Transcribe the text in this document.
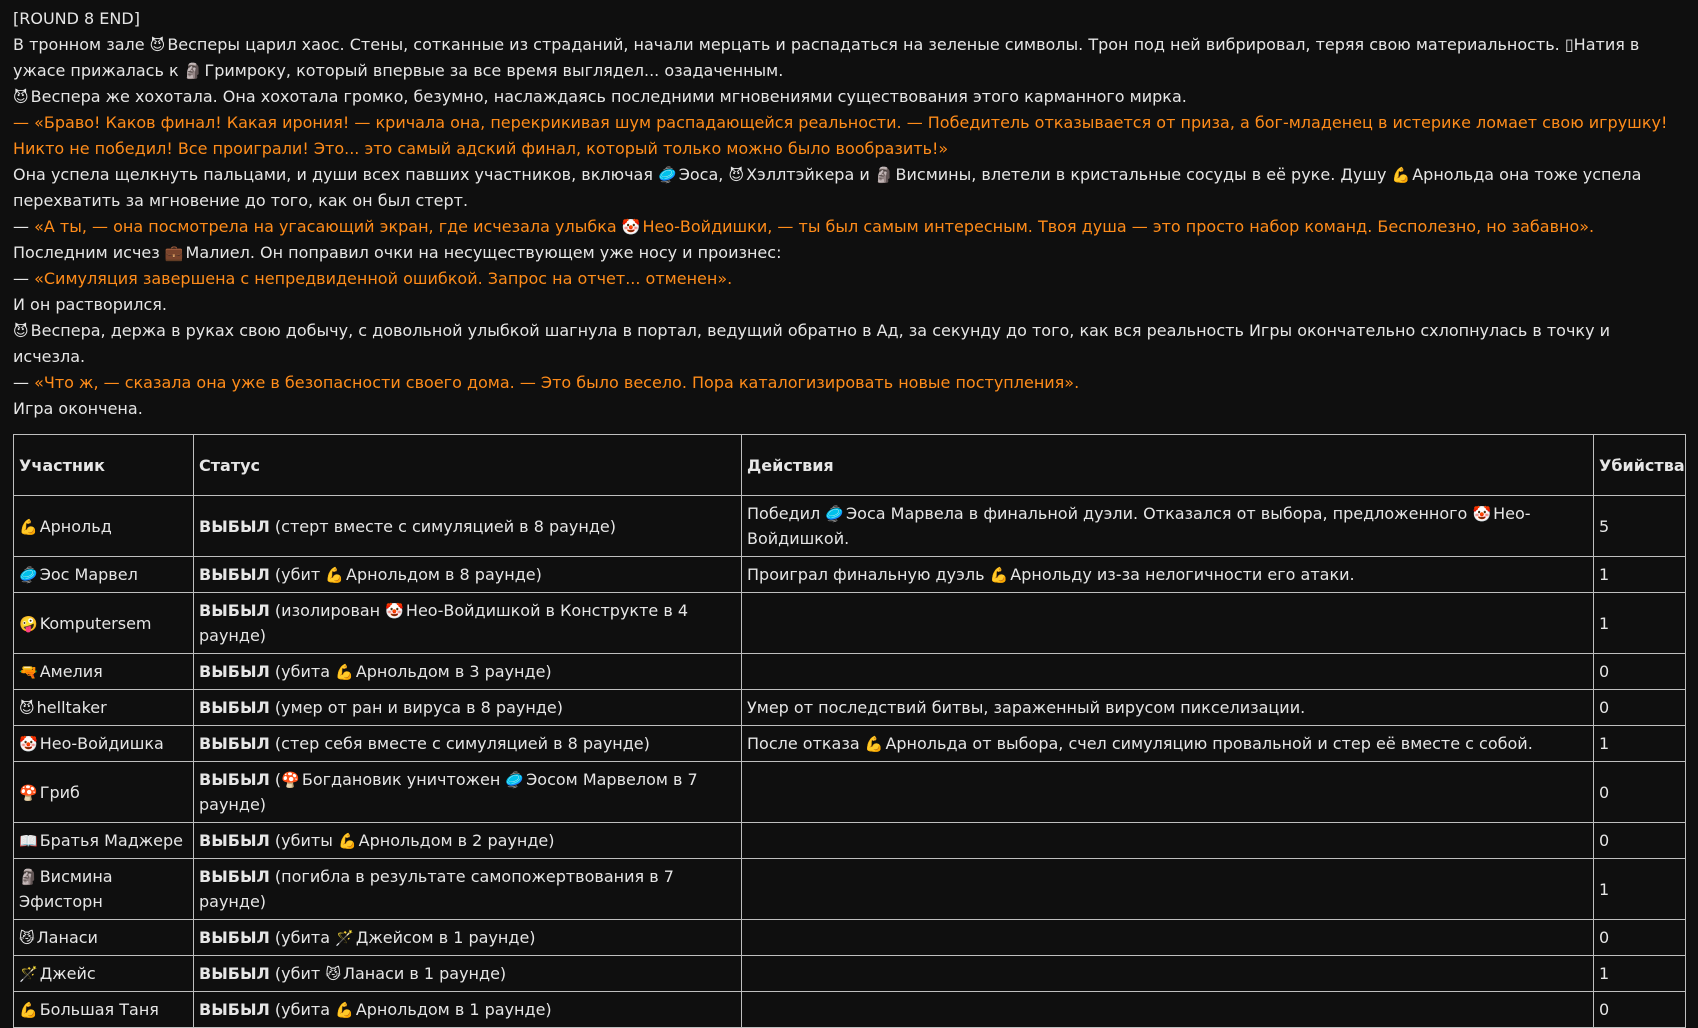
[ROUND 8 END]

В тронном зале 😈 Весперы царил хаос. Стены, сотканные из страданий, начали мерцать и распадаться на зеленые символы. Трон под ней вибрировал, теряя свою материальность. ▯Натия в ужасе прижалась к 🗿 Гримроку, который впервые за все время выглядел... озадаченным.

😈 Веспера же хохотала. Она хохотала громко, безумно, наслаждаясь последними мгновениями существования этого карманного мирка.

— «Браво! Каков финал! Какая ирония! — кричала она, перекрикивая шум распадающейся реальности. — Победитель отказывается от приза, а бог-младенец в истерике ломает свою игрушку! Никто не победил! Все проиграли! Это... это самый адский финал, который только можно было вообразить!»

Она успела щелкнуть пальцами, и души всех павших участников, включая 🥏 Эоса, 😈 Хэллтэйкера и 🗿 Висмины, влетели в кристальные сосуды в её руке. Душу 💪 Арнольда она тоже успела перехватить за мгновение до того, как он был стерт.

— «А ты, — она посмотрела на угасающий экран, где исчезала улыбка 🤡 Нео-Войдишки, — ты был самым интересным. Твоя душа — это просто набор команд. Бесполезно, но забавно».

Последним исчез 💼 Малиел. Он поправил очки на несуществующем уже носу и произнес:

— «Симуляция завершена с непредвиденной ошибкой. Запрос на отчет... отменен».

И он растворился.

😈 Веспера, держа в руках свою добычу, с довольной улыбкой шагнула в портал, ведущий обратно в Ад, за секунду до того, как вся реальность Игры окончательно схлопнулась в точку и исчезла.

— «Что ж, — сказала она уже в безопасности своего дома. — Это было весело. Пора каталогизировать новые поступления».

Игра окончена.

Участник	Статус	Действия	Убийства
💪 Арнольд	ВЫБЫЛ (стерт вместе с симуляцией в 8 раунде)	Победил 🥏 Эоса Марвела в финальной дуэли. Отказался от выбора, предложенного 🤡 Нео-Войдишкой.	5
🥏 Эос Марвел	ВЫБЫЛ (убит 💪 Арнольдом в 8 раунде)	Проиграл финальную дуэль 💪 Арнольду из-за нелогичности его атаки.	1
🤪 Komputersem	ВЫБЫЛ (изолирован 🤡 Нео-Войдишкой в Конструкте в 4 раунде)		1
🔫 Амелия	ВЫБЫЛ (убита 💪 Арнольдом в 3 раунде)		0
😈 helltaker	ВЫБЫЛ (умер от ран и вируса в 8 раунде)	Умер от последствий битвы, зараженный вирусом пикселизации.	0
🤡 Нео-Войдишка	ВЫБЫЛ (стер себя вместе с симуляцией в 8 раунде)	После отказа 💪 Арнольда от выбора, счел симуляцию провальной и стер её вместе с собой.	1
🍄 Гриб	ВЫБЫЛ (🍄 Богдановик уничтожен 🥏 Эосом Марвелом в 7 раунде)		0
📖 Братья Маджере	ВЫБЫЛ (убиты 💪 Арнольдом в 2 раунде)		0
🗿 Висмина Эфисторн	ВЫБЫЛ (погибла в результате самопожертвования в 7 раунде)		1
😼 Ланаси	ВЫБЫЛ (убита 🪄 Джейсом в 1 раунде)		0
🪄 Джейс	ВЫБЫЛ (убит 😼 Ланаси в 1 раунде)		1
💪 Большая Таня	ВЫБЫЛ (убита 💪 Арнольдом в 1 раунде)		0
